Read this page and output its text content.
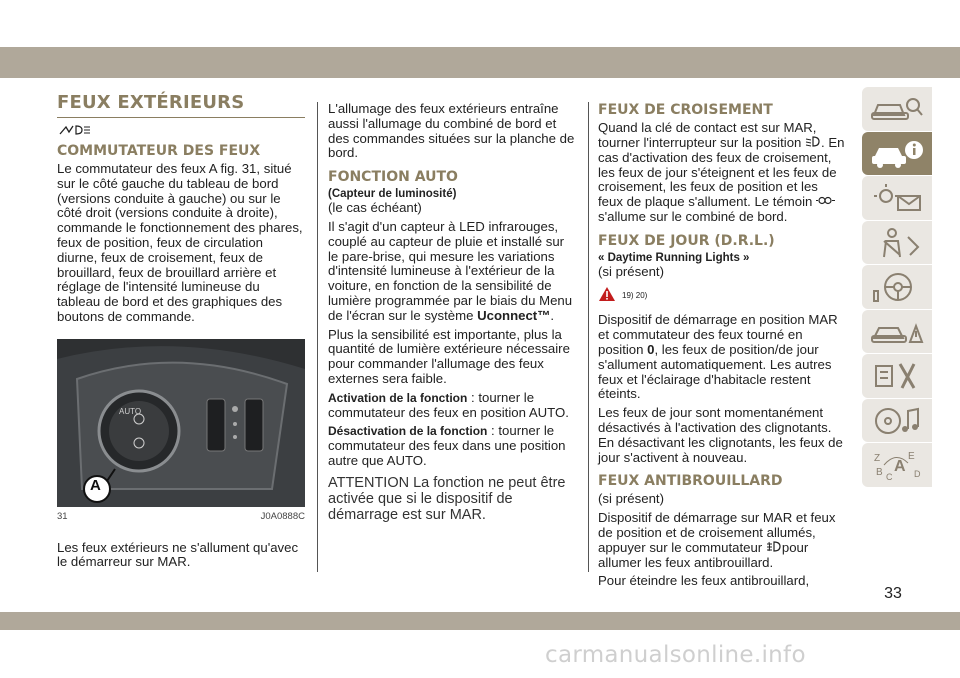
FEUX EXTÉRIEURS
COMMUTATEUR DES FEUX

Le commutateur des feux A fig. 31, situé sur le côté gauche du tableau de bord (versions conduite à gauche) ou sur le côté droit (versions conduite à droite), commande le fonctionnement des phares, feux de position, feux de circulation diurne, feux de croisement, feux de brouillard, feux de brouillard arrière et réglage de l'intensité lumineuse du tableau de bord et des graphiques des boutons de commande.

AUTO
A
31	J0A0888C

Les feux extérieurs ne s'allument qu'avec le démarreur sur MAR.

L'allumage des feux extérieurs entraîne aussi l'allumage du combiné de bord et des commandes situées sur la planche de bord.

FONCTION AUTO
(Capteur de luminosité)

(le cas échéant)

Il s'agit d'un capteur à LED infrarouges, couplé au capteur de pluie et installé sur le pare-brise, qui mesure les variations d'intensité lumineuse à l'extérieur de la voiture, en fonction de la sensibilité de lumière programmée par le biais du Menu de l'écran sur le système Uconnect™.

Plus la sensibilité est importante, plus la quantité de lumière extérieure nécessaire pour commander l'allumage des feux externes sera faible.

Activation de la fonction : tourner le commutateur des feux en position AUTO.

Désactivation de la fonction : tourner le commutateur des feux dans une position autre que AUTO.

ATTENTION La fonction ne peut être activée que si le dispositif de démarrage est sur MAR.
FEUX DE CROISEMENT

Quand la clé de contact est sur MAR, tourner l'interrupteur sur la position . En cas d'activation des feux de croisement, les feux de jour s'éteignent et les feux de croisement, les feux de position et les feux de plaque s'allument. Le témoin s'allume sur le combiné de bord.

FEUX DE JOUR (D.R.L.)
« Daytime Running Lights »

(si présent)

19) 20)

Dispositif de démarrage en position MAR et commutateur des feux tourné en position 0, les feux de position/de jour s'allument automatiquement. Les autres feux et l'éclairage d'habitacle restent éteints.

Les feux de jour sont momentanément désactivés à l'activation des clignotants. En désactivant les clignotants, les feux de jour s'activent à nouveau.

FEUX ANTIBROUILLARD

(si présent)

Dispositif de démarrage sur MAR et feux de position et de croisement allumés, appuyer sur le commutateur pour allumer les feux antibrouillard.

Pour éteindre les feux antibrouillard,

Z	E
B A
C D
33
carmanualsonline.info
